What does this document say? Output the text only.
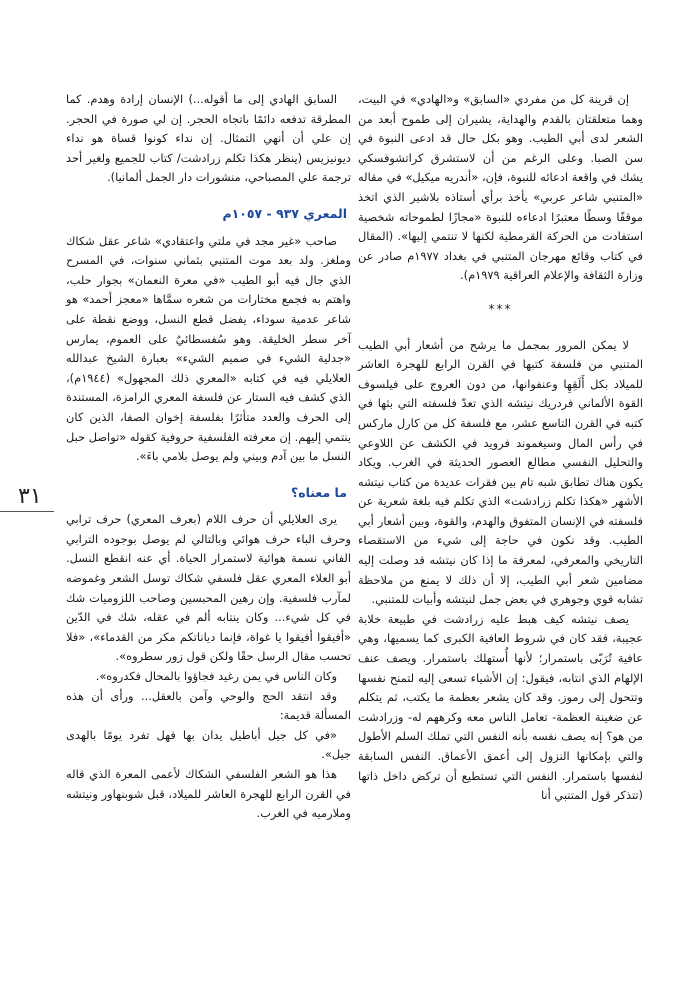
إن قرينة كل من مفردي «السابق» و«الهادي» في البيت، وهما متعلقتان بالقدم والهداية، يشيران إلى طموح أبعد من الشعر لدى أبي الطيب. وهو بكل حال قد ادعى النبوة في سن الصبا. وعلى الرغم من أن لاستشرق كراتشوفسكي يشك في واقعة ادعائه للنبوة، فإن، «أندريه ميكيل» في مقاله «المتنبي شاعر عربي» يأخذ برأي أستاذه بلاشير الذي اتخذ موقفًا وسطًا معتبرًا ادعاءه للنبوة «مجازًا لطموحاته شخصية استفادت من الحركة القرمطية لكنها لا تنتمي إليها». (المقال في كتاب وقائع مهرجان المتنبي في بغداد ١٩٧٧م صادر عن وزارة الثقافة والإعلام العراقية ١٩٧٩م).

***

لا يمكن المرور بمجمل ما يرشح من أشعار أبي الطيب المتنبي من فلسفة كتبها في القرن الرابع للهجرة العاشر للميلاد بكل أَلَقِهِا وعنفوانها، من دون العروج على فيلسوف القوة الألماني فردريك نيتشه الذي تعدّ فلسفته التي بثها في كتبه في القرن التاسع عشر، مع فلسفة كل من كارل ماركس في رأس المال وسيغموند فرويد في الكشف عن اللاوعي والتحليل النفسي مطالع العصور الحديثة في الغرب. ويكاد يكون هناك تطابق شبه تام بين فقرات عديدة من كتاب نيتشه الأشهر «هكذا تكلم زرادشت» الذي تكلم فيه بلغة شعرية عن فلسفته في الإنسان المتفوق والهدم، والقوة، وبين أشعار أبي الطيب. وقد نكون في حاجة إلى شيء من الاستقصاء التاريخي والمعرفي، لمعرفة ما إذا كان نيتشه قد وصلت إليه مضامين شعر أبي الطيب، إلا أن ذلك لا يمنع من ملاحظة تشابه قوي وجوهري في بعض جمل لنيتشه وأبيات للمتنبي.

يصف نيتشه كيف هبط عليه زرادشت في طبيعة خلابة عجيبة، فقد كان في شروط العافية الكبرى كما يسميها، وهي عافية تُرَبّى باستمرار؛ لأنها أُستهلك باستمرار. ويصف عنف الإلهام الذي انتابه، فيقول: إن الأشياء تسعى إليه لتمنح نفسها وتتحول إلى رموز. وقد كان يشعر بعظمة ما يكتب، ثم يتكلم عن ضغينة العظمة- تعامل الناس معه وكرههم له- وزرادشت من هو؟ إنه يصف نفسه بأنه النفس التي تملك السلم الأطول والتي بإمكانها النزول إلى أعمق الأعماق. النفس السابقة لنفسها باستمرار. النفس التي تستطيع أن تركض داخل ذاتها (تتذكر قول المتنبي أنا

السابق الهادي إلى ما أقوله...) الإنسان إرادة وهدم. كما المطرقة تدفعه دائمًا باتجاه الحجر. إن لي صورة في الحجر. إن علي أن أنهي التمثال. إن نداء كونوا قساة هو نداء ديونيزيس (ينظر هكذا تكلم زرادشت/ كتاب للجميع ولغير أحد ترجمة علي المصباحي، منشورات دار الجمل ألمانيا).

المعري ٩٣٧ - ١٠٥٧م

صاحب «غير مجد في ملتي واعتقادي» شاعر عقل شكاك وملغز. ولد بعد موت المتنبي بثماني سنوات، في المسرح الذي جال فيه أبو الطيب «في معرة النعمان» بجوار حلب، واهتم به فجمع مختارات من شعره سمَّاها «معجز أحمد» هو شاعر عدمية سوداء، يفضل قطع النسل، ووضع نقطة على آخر سطر الخليقة. وهو سُفسطائيٌ على العموم، يمارس «جدلية الشيء في صميم الشيء» بعبارة الشيخ عبدالله العلايلي فيه في كتابه «المعري ذلك المجهول» (١٩٤٤م)، الذي كشف فيه الستار عن فلسفة المعري الرامزة، المستندة إلى الحرف والعدد متأثرًا بفلسفة إخوان الصفا، الذين كان ينتمي إليهم. إن معرفته الفلسفية حروفية كقوله «تواصل حبل النسل ما بين آدم وبيني ولم يوصل بلامي باءَ».

ما معناه؟

يرى العلايلي أن حرف اللام (بعرف المعري) حرف ترابي وحرف الباء حرف هوائي وبالتالي لم يوصل بوجوده الترابي الفاني نسمة هوائية لاستمرار الحياة. أي عنه انقطع النسل. أبو العلاء المعري عقل فلسفي شكاك توسل الشعر وغموضه لمآرب فلسفية. وإن رهين المحبسين وصاحب اللزوميات شك في كل شيء... وكان ينتابه ألم في عقله، شك في الدّين «أفيقوا أفيقوا يا غواة، فإنما دياناتكم مكر من القدماء»، «فلا تحسب مقال الرسل حقًا ولكن قول زور سطروه».

وكان الناس في يمن رغيد فجاؤوا بالمحال فكدروه».

وقد انتقد الحج والوحي وآمن بالعقل... ورأى أن هذه المسألة قديمة:

«في كل جيل أباطيل يدان بها فهل تفرد يومًا بالهدى جيل».

هذا هو الشعر الفلسفي الشكاك لأعمى المعرة الذي قاله في القرن الرابع للهجرة العاشر للميلاد، قبل شوبنهاور ونيتشه وملارميه في الغرب.

٣١
